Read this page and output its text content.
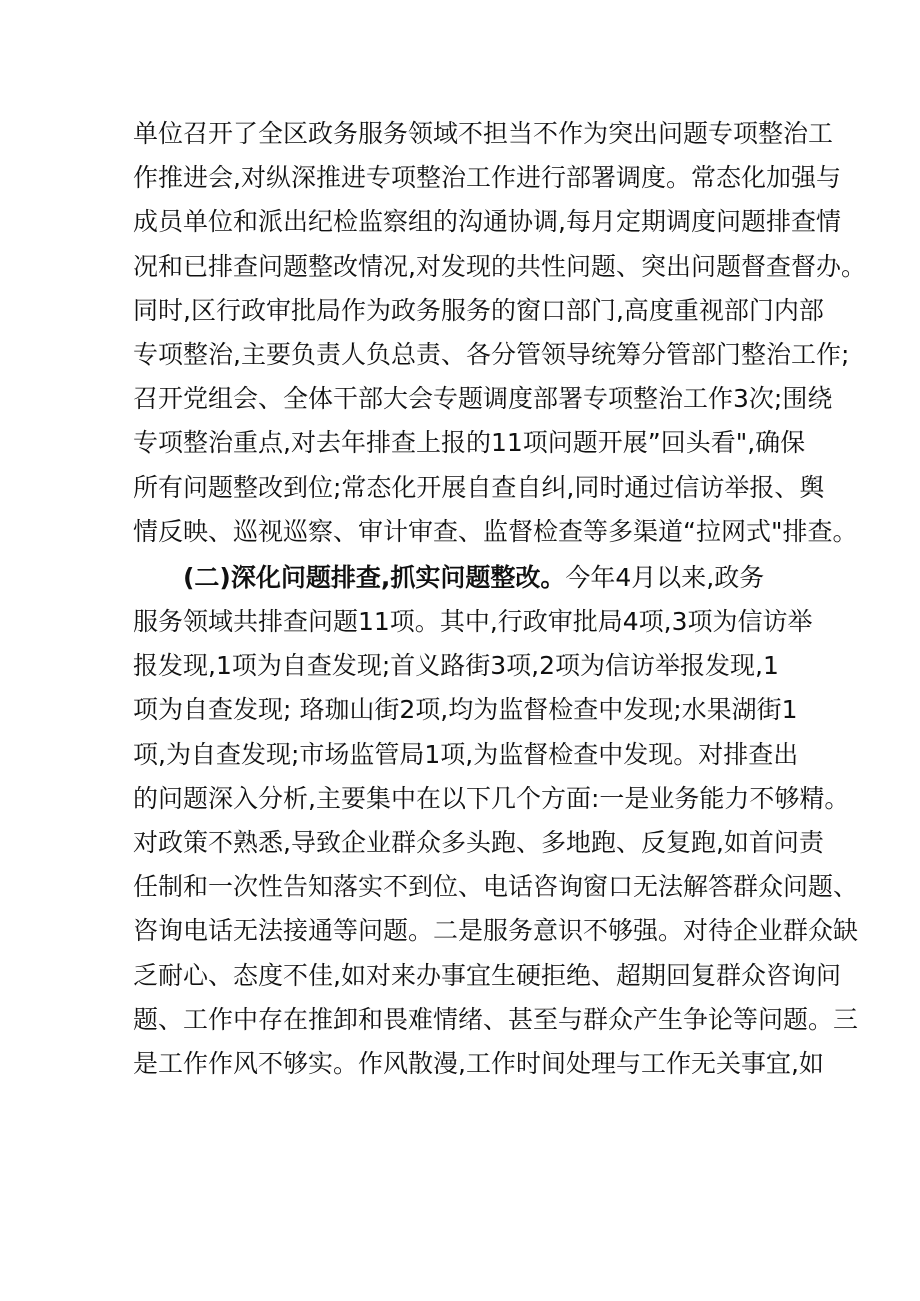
单位召开了全区政务服务领域不担当不作为突出问题专项整治工
作推进会,对纵深推进专项整治工作进行部署调度。常态化加强与
成员单位和派出纪检监察组的沟通协调,每月定期调度问题排查情
况和已排查问题整改情况,对发现的共性问题、突出问题督查督办。
同时,区行政审批局作为政务服务的窗口部门,高度重视部门内部
专项整治,主要负责人负总责、各分管领导统筹分管部门整治工作;
召开党组会、全体干部大会专题调度部署专项整治工作3次;围绕
专项整治重点,对去年排查上报的11项问题开展”回头看",确保
所有问题整改到位;常态化开展自查自纠,同时通过信访举报、舆
情反映、巡视巡察、审计审查、监督检查等多渠道“拉网式"排查。
(二)深化问题排查,抓实问题整改。今年4月以来,政务
服务领域共排查问题11项。其中,行政审批局4项,3项为信访举
报发现,1项为自查发现;首义路街3项,2项为信访举报发现,1
项为自查发现; 珞珈山街2项,均为监督检查中发现;水果湖街1
项,为自查发现;市场监管局1项,为监督检查中发现。对排查出
的问题深入分析,主要集中在以下几个方面:一是业务能力不够精。
对政策不熟悉,导致企业群众多头跑、多地跑、反复跑,如首问责
任制和一次性告知落实不到位、电话咨询窗口无法解答群众问题、
咨询电话无法接通等问题。二是服务意识不够强。对待企业群众缺
乏耐心、态度不佳,如对来办事宜生硬拒绝、超期回复群众咨询问
题、工作中存在推卸和畏难情绪、甚至与群众产生争论等问题。三
是工作作风不够实。作风散漫,工作时间处理与工作无关事宜,如
